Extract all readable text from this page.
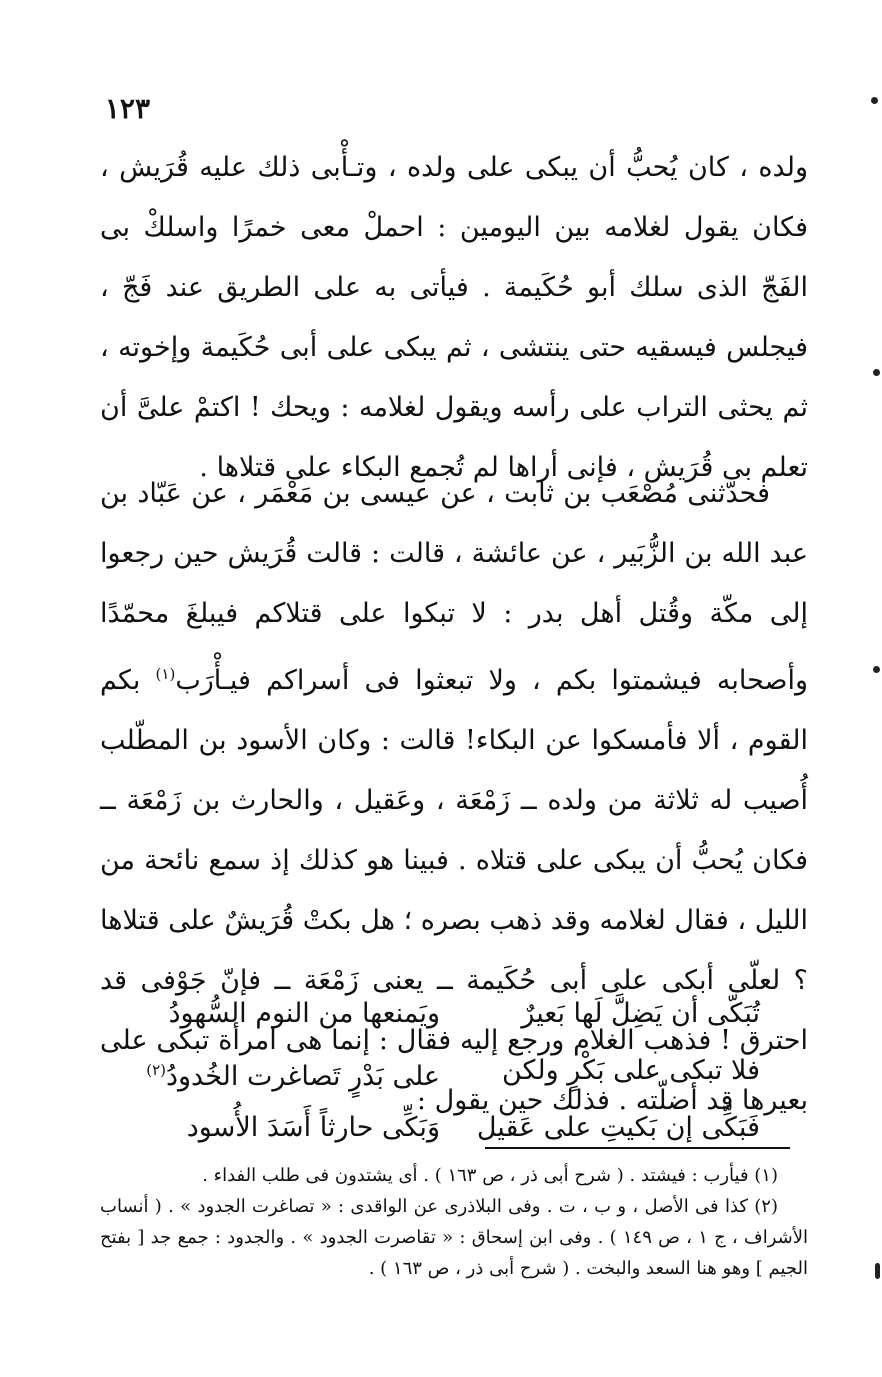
١٢٣
ولده ، كان يُحبُّ أن يبكى على ولده ، وتـأْبى ذلك عليه قُرَيش ، فكان يقول لغلامه بين اليومين : احملْ معى خمرًا واسلكْ بى الفَجّ الذى سلك أبو حُكَيمة . فيأتى به على الطريق عند فَجّ ، فيجلس فيسقيه حتى ينتشى ، ثم يبكى على أبى حُكَيمة وإخوته ، ثم يحثى التراب على رأسه ويقول لغلامه : ويحك ! اكتمْ علىَّ أن تعلم بى قُرَيش ، فإنى أراها لم تُجمع البكاء على قتلاها .
فحدّثنى مُصْعَب بن ثابت ، عن عيسى بن مَعْمَر ، عن عَبّاد بن عبد الله بن الزُّبَير ، عن عائشة ، قالت : قالت قُرَيش حين رجعوا إلى مكّة وقُتل أهل بدر : لا تبكوا على قتلاكم فيبلغَ محمّدًا وأصحابه فيشمتوا بكم ، ولا تبعثوا فى أسراكم فيـأْرَب$^{(١)}$ بكم القوم ، ألا فأمسكوا عن البكاء! قالت : وكان الأسود بن المطّلب أُصيب له ثلاثة من ولده ــ زَمْعَة ، وعَقيل ، والحارث بن زَمْعَة ــ فكان يُحبُّ أن يبكى على قتلاه . فبينا هو كذلك إذ سمع نائحة من الليل ، فقال لغلامه وقد ذهب بصره ؛ هل بكتْ قُرَيشٌ على قتلاها ؟ لعلّى أبكى على أبى حُكَيمة ــ يعنى زَمْعَة ــ فإنّ جَوْفى قد احترق ! فذهب الغلام ورجع إليه فقال : إنما هى امرأة تبكى على بعيرها قد أضلّته . فذلك حين يقول :
تُبَكّى أن يَضِلَّ لَها بَعيرٌ
ويَمنعها من النوم السُّهودُ
فلا تبكى على بَكْرٍ ولكن
على بَدْرٍ تَصاغرت الخُدودُ$^{(٢)}$
فَبَكِّى إن بَكيتِ على عَقيل
وَبَكِّى حارثاً أَسَدَ الأُسود

(١) فيأرب : فيشتد . ( شرح أبى ذر ، ص ١٦٣ ) . أى يشتدون فى طلب الفداء .

(٢) كذا فى الأصل ، و ب ، ت . وفى البلاذرى عن الواقدى : « تصاغرت الجدود » . ( أنساب الأشراف ، ج ١ ، ص ١٤٩ ) . وفى ابن إسحاق : « تقاصرت الجدود » . والجدود : جمع جد [ بفتح الجيم ] وهو هنا السعد والبخت . ( شرح أبى ذر ، ص ١٦٣ ) .
